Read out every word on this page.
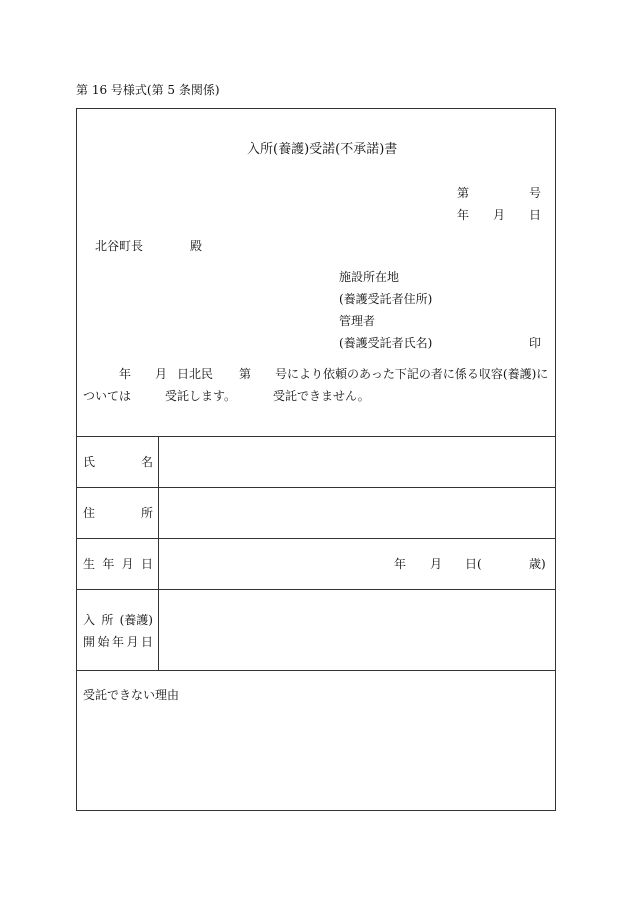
第 16 号様式(第 5 条関係)
入所(養護)受諾(不承諾)書
第	号
年 月 日
北谷町長	殿
施設所在地
(養護受託者住所)
管理者
(養護受託者氏名)	印
年 月 日北民 第 号により依頼のあった下記の者に係る収容(養護)に
ついては	受託します。	受託できません。
氏	名
住	所
生 年 月 日	年 月 日(	歳)
入 所 (養護)
開 始 年 月 日
受託できない理由
